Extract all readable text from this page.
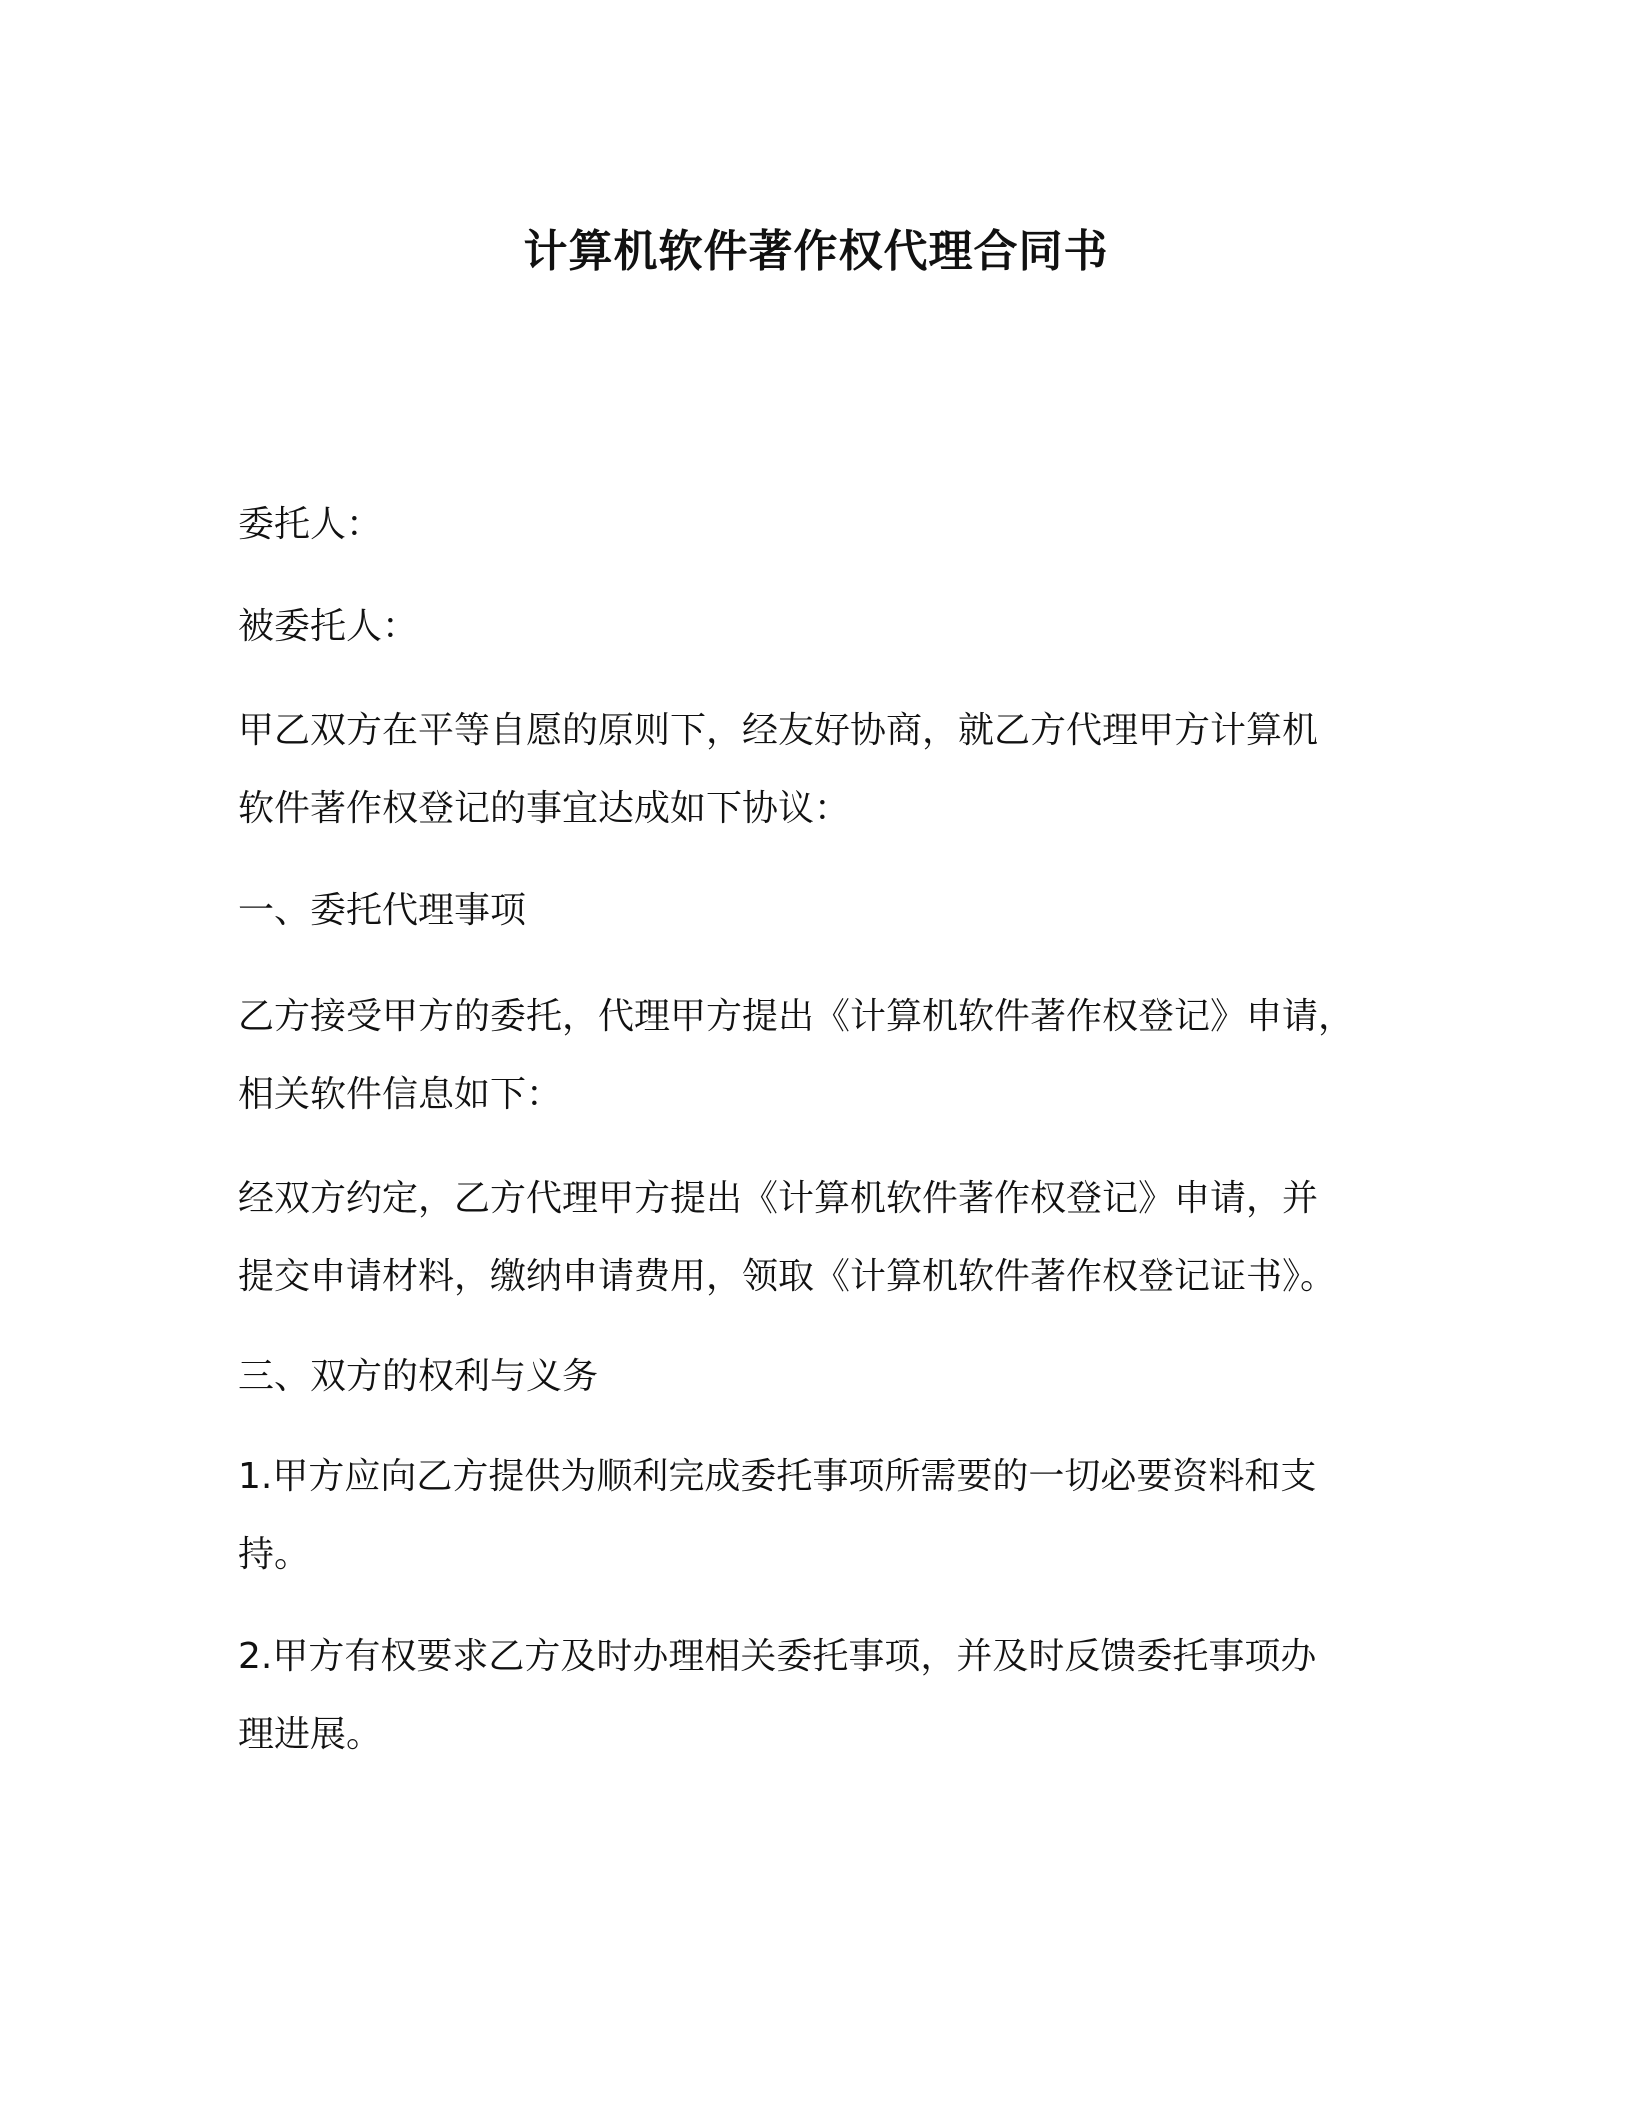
计算机软件著作权代理合同书

委托人：

被委托人：

甲乙双方在平等自愿的原则下，经友好协商，就乙方代理甲方计算机
软件著作权登记的事宜达成如下协议：

一、委托代理事项

乙方接受甲方的委托，代理甲方提出《计算机软件著作权登记》申请，
相关软件信息如下：

经双方约定，乙方代理甲方提出《计算机软件著作权登记》申请，并
提交申请材料，缴纳申请费用，领取《计算机软件著作权登记证书》。

三、双方的权利与义务

1.甲方应向乙方提供为顺利完成委托事项所需要的一切必要资料和支
持。

2.甲方有权要求乙方及时办理相关委托事项，并及时反馈委托事项办
理进展。
